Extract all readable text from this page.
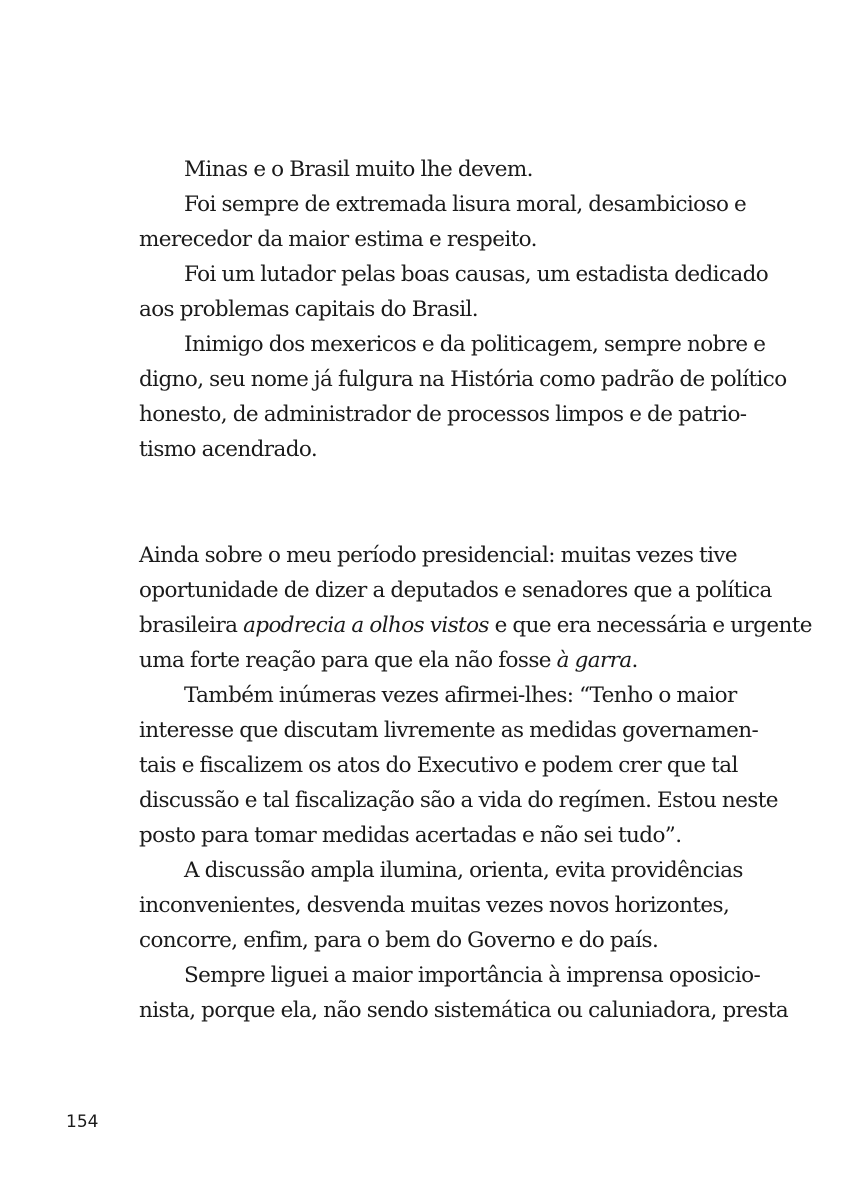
Minas e o Brasil muito lhe devem.
Foi sempre de extremada lisura moral, desambicioso e
merecedor da maior estima e respeito.
Foi um lutador pelas boas causas, um estadista dedicado
aos problemas capitais do Brasil.
Inimigo dos mexericos e da politicagem, sempre nobre e
digno, seu nome já fulgura na História como padrão de político
honesto, de administrador de processos limpos e de patrio-
tismo acendrado.
Ainda sobre o meu período presidencial: muitas vezes tive
oportunidade de dizer a deputados e senadores que a política
brasileira apodrecia a olhos vistos e que era necessária e urgente
uma forte reação para que ela não fosse à garra.
Também inúmeras vezes afirmei-lhes: “Tenho o maior
interesse que discutam livremente as medidas governamen-
tais e fiscalizem os atos do Executivo e podem crer que tal
discussão e tal fiscalização são a vida do regímen. Estou neste
posto para tomar medidas acertadas e não sei tudo”.
A discussão ampla ilumina, orienta, evita providências
inconvenientes, desvenda muitas vezes novos horizontes,
concorre, enfim, para o bem do Governo e do país.
Sempre liguei a maior importância à imprensa oposicio-
nista, porque ela, não sendo sistemática ou caluniadora, presta
154
